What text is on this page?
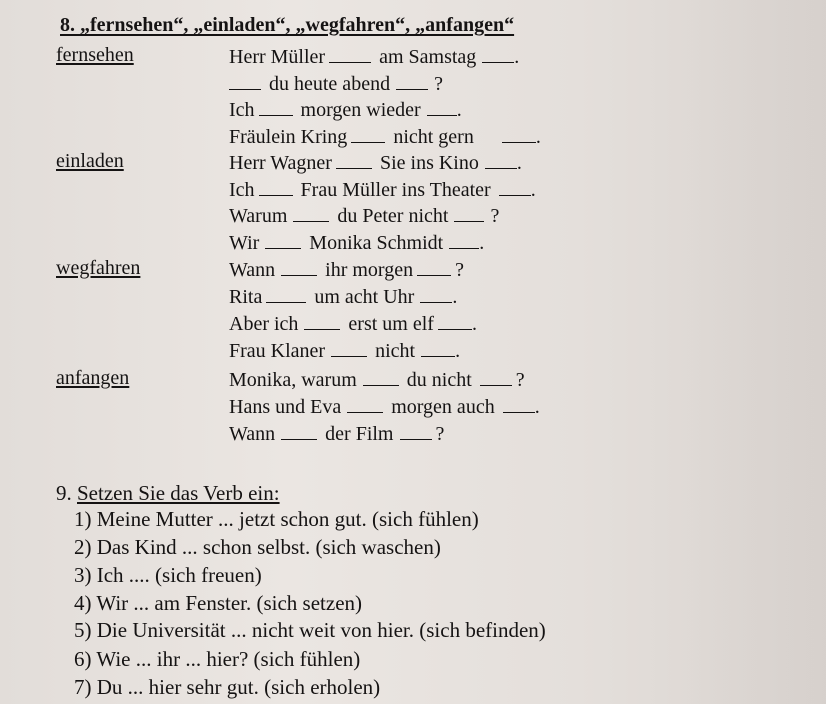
8. „fernsehen“, „einladen“, „wegfahren“, „anfangen“
fernsehen
einladen
wegfahren
anfangen
Herr Müller	am Samstag .
du heute abend ?
Ich morgen wieder .
Fräulein Kring nicht gern	.
Herr Wagner Sie ins Kino .
Ich Frau Müller ins Theater .
Warum	du Peter nicht ?
Wir	Monika Schmidt .
Wann	ihr morgen ?
Rita	um acht Uhr .
Aber ich	erst um elf .
Frau Klaner	nicht .
Monika, warum	du nicht ?
Hans und Eva	morgen auch .
Wann	der Film ?
9. Setzen Sie das Verb ein:
1) Meine Mutter ... jetzt schon gut. (sich fühlen)
2) Das Kind ... schon selbst. (sich waschen)
3) Ich .... (sich freuen)
4) Wir ... am Fenster. (sich setzen)
5) Die Universität ... nicht weit von hier. (sich befinden)
6) Wie ... ihr ... hier? (sich fühlen)
7) Du ... hier sehr gut. (sich erholen)
